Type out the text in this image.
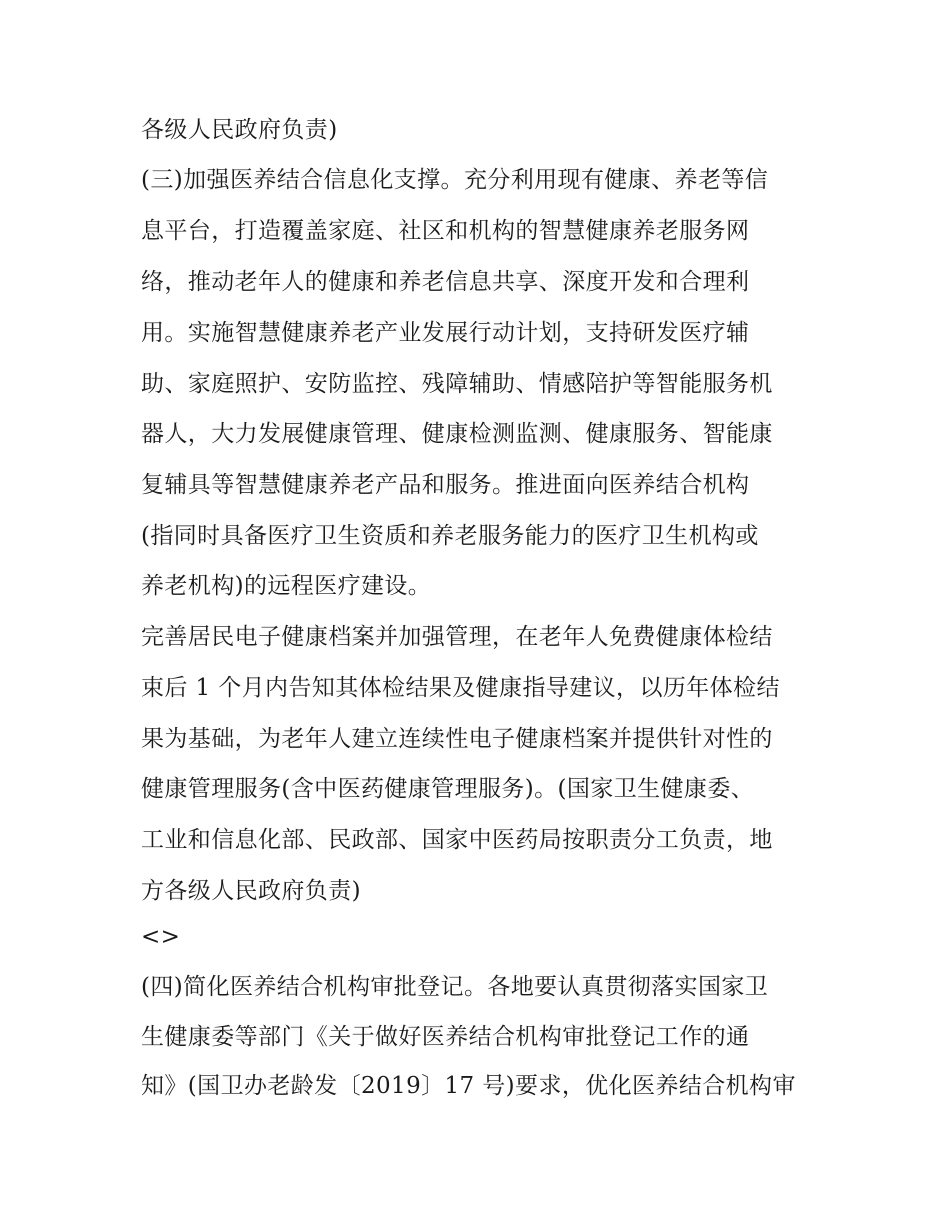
各级人民政府负责)
(三)加强医养结合信息化支撑。充分利用现有健康、养老等信
息平台，打造覆盖家庭、社区和机构的智慧健康养老服务网
络，推动老年人的健康和养老信息共享、深度开发和合理利
用。实施智慧健康养老产业发展行动计划，支持研发医疗辅
助、家庭照护、安防监控、残障辅助、情感陪护等智能服务机
器人，大力发展健康管理、健康检测监测、健康服务、智能康
复辅具等智慧健康养老产品和服务。推进面向医养结合机构
(指同时具备医疗卫生资质和养老服务能力的医疗卫生机构或
养老机构)的远程医疗建设。
完善居民电子健康档案并加强管理，在老年人免费健康体检结
束后 1 个月内告知其体检结果及健康指导建议，以历年体检结
果为基础，为老年人建立连续性电子健康档案并提供针对性的
健康管理服务(含中医药健康管理服务)。(国家卫生健康委、
工业和信息化部、民政部、国家中医药局按职责分工负责，地
方各级人民政府负责)
<>
(四)简化医养结合机构审批登记。各地要认真贯彻落实国家卫
生健康委等部门《关于做好医养结合机构审批登记工作的通
知》(国卫办老龄发〔2019〕17 号)要求，优化医养结合机构审
